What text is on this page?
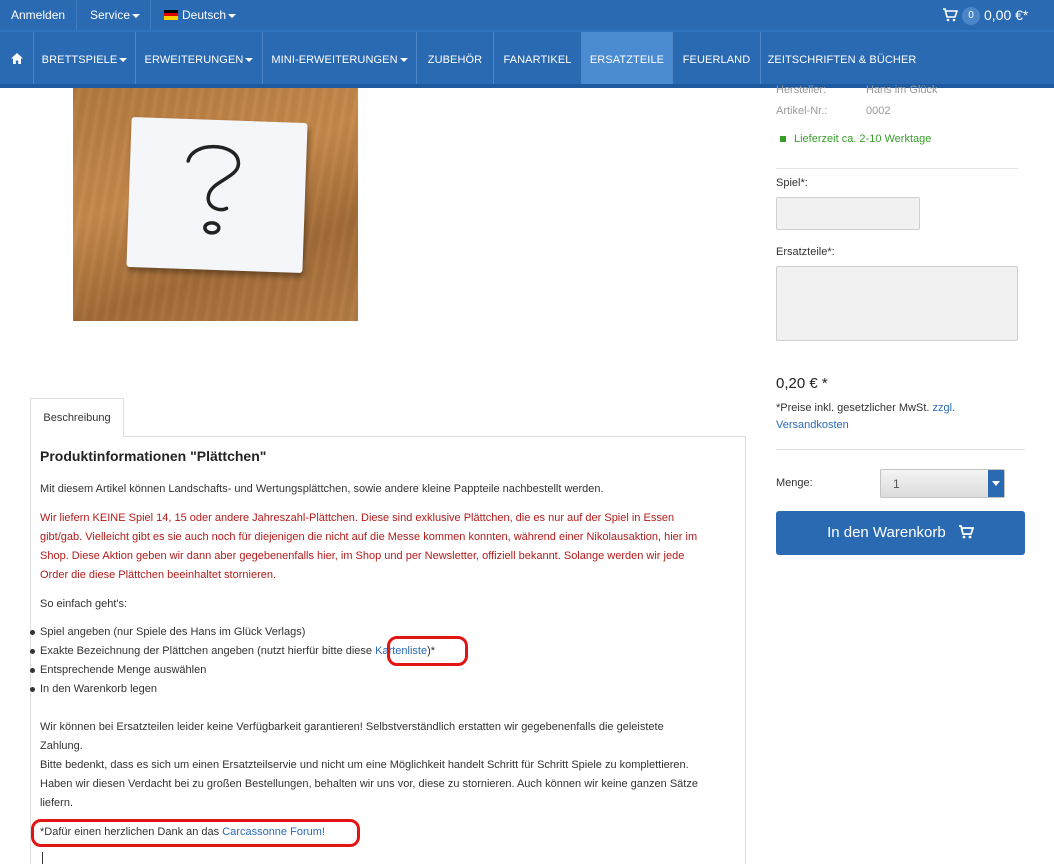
Anmelden Service	Deutsch	0 0,00 €*
BRETTSPIELE	ERWEITERUNGEN	MINI-ERWEITERUNGEN	ZUBEHÖR	FANARTIKEL	ERSATZTEILE	FEUERLAND	ZEITSCHRIFTEN & BÜCHER
Hersteller:	Hans im Glück
Artikel-Nr.:	0002
Lieferzeit ca. 2-10 Werktage
Spiel*:
Ersatzteile*:
0,20 € *
*Preise inkl. gesetzlicher MwSt. zzgl.
Versandkosten
Menge:	1
In den Warenkorb
Beschreibung
Produktinformationen "Plättchen"
Mit diesem Artikel können Landschafts- und Wertungsplättchen, sowie andere kleine Pappteile nachbestellt werden.
Wir liefern KEINE Spiel 14, 15 oder andere Jahreszahl-Plättchen. Diese sind exklusive Plättchen, die es nur auf der Spiel in Essen
gibt/gab. Vielleicht gibt es sie auch noch für diejenigen die nicht auf die Messe kommen konnten, während einer Nikolausaktion, hier im
Shop. Diese Aktion geben wir dann aber gegebenenfalls hier, im Shop und per Newsletter, offiziell bekannt. Solange werden wir jede
Order die diese Plättchen beeinhaltet stornieren.
So einfach geht's:
Spiel angeben (nur Spiele des Hans im Glück Verlags)
Exakte Bezeichnung der Plättchen angeben (nutzt hierfür bitte diese Kartenliste)*
Entsprechende Menge auswählen
In den Warenkorb legen
Wir können bei Ersatzteilen leider keine Verfügbarkeit garantieren! Selbstverständlich erstatten wir gegebenenfalls die geleistete
Zahlung.
Bitte bedenkt, dass es sich um einen Ersatzteilservie und nicht um eine Möglichkeit handelt Schritt für Schritt Spiele zu komplettieren.
Haben wir diesen Verdacht bei zu großen Bestellungen, behalten wir uns vor, diese zu stornieren. Auch können wir keine ganzen Sätze
liefern.
*Dafür einen herzlichen Dank an das Carcassonne Forum!
